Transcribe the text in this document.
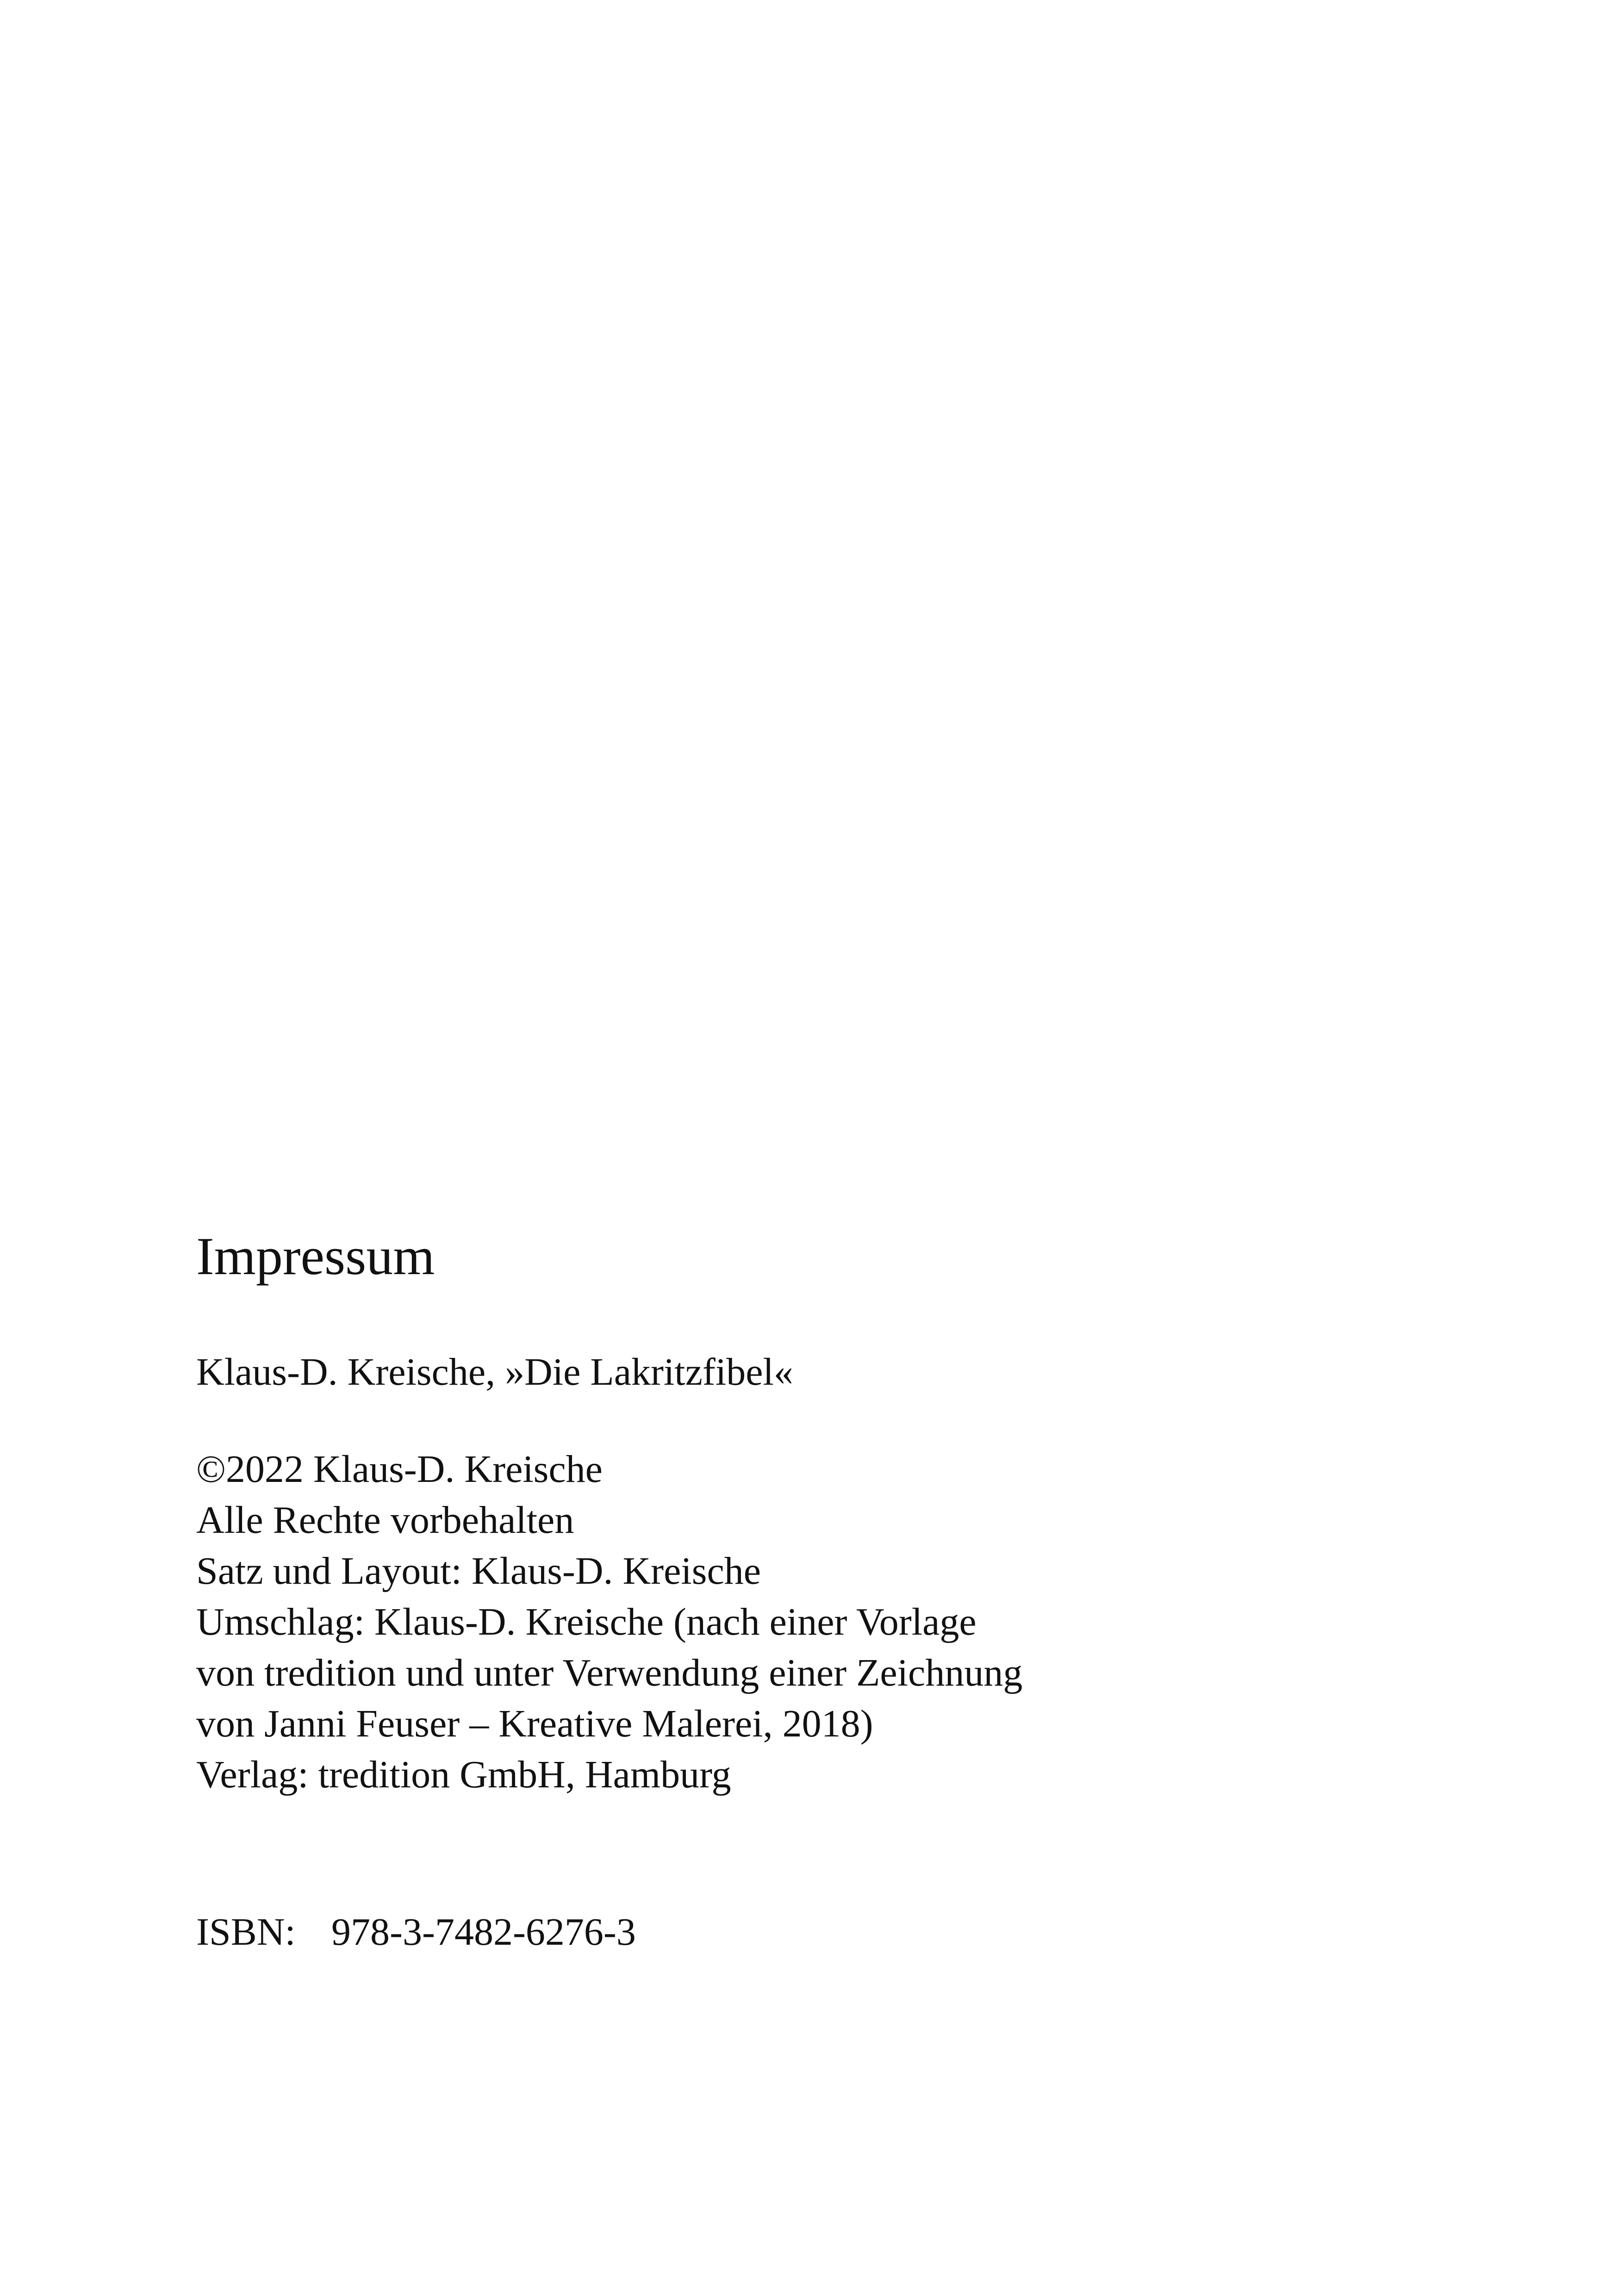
Impressum
Klaus-D. Kreische, »Die Lakritzfibel«
©2022 Klaus-D. Kreische
Alle Rechte vorbehalten
Satz und Layout: Klaus-D. Kreische
Umschlag: Klaus-D. Kreische (nach einer Vorlage
von tredition und unter Verwendung einer Zeichnung
von Janni Feuser – Kreative Malerei, 2018)
Verlag: tredition GmbH, Hamburg
ISBN: 978-3-7482-6276-3
